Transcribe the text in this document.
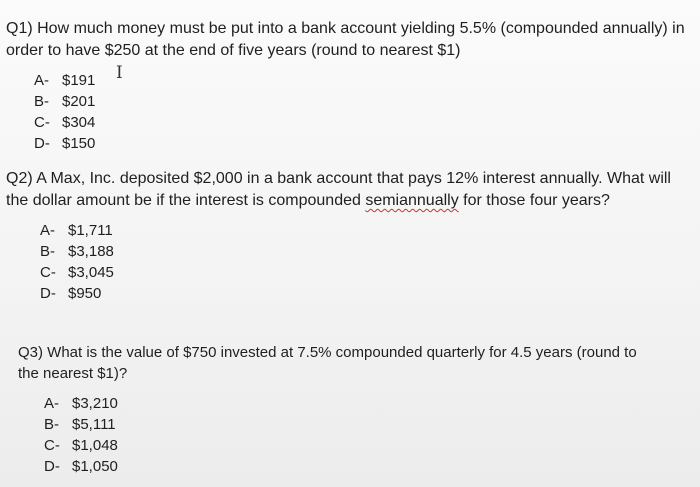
Q1) How much money must be put into a bank account yielding 5.5% (compounded annually) in order to have $250 at the end of five years (round to nearest $1)

A- $191
B- $201
C- $304
D- $150
I

Q2) A Max, Inc. deposited $2,000 in a bank account that pays 12% interest annually. What will the dollar amount be if the interest is compounded semiannually for those four years?

A- $1,711
B- $3,188
C- $3,045
D- $950

Q3) What is the value of $750 invested at 7.5% compounded quarterly for 4.5 years (round to the nearest $1)?

A- $3,210
B- $5,111
C- $1,048
D- $1,050
